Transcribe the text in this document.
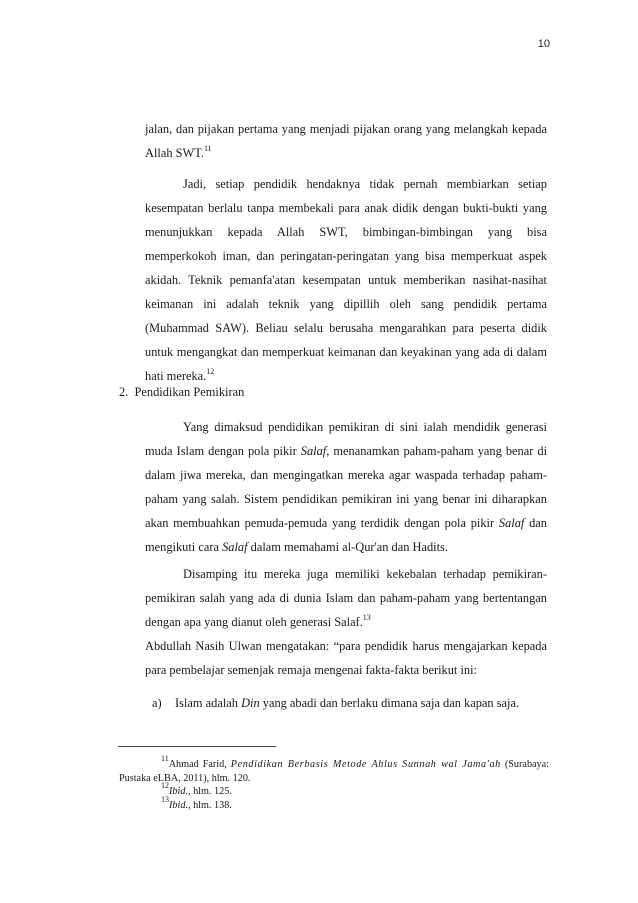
10

jalan, dan pijakan pertama yang menjadi pijakan orang yang melangkah kepada Allah SWT.$^{11}$

Jadi, setiap pendidik hendaknya tidak pernah membiarkan setiap kesempatan berlalu tanpa membekali para anak didik dengan bukti-bukti yang menunjukkan kepada Allah SWT, bimbingan-bimbingan yang bisa memperkokoh iman, dan peringatan-peringatan yang bisa memperkuat aspek akidah. Teknik pemanfa'atan kesempatan untuk memberikan nasihat-nasihat keimanan ini adalah teknik yang dipillih oleh sang pendidik pertama (Muhammad SAW). Beliau selalu berusaha mengarahkan para peserta didik untuk mengangkat dan memperkuat keimanan dan keyakinan yang ada di dalam hati mereka.$^{12}$

2. Pendidikan Pemikiran

Yang dimaksud pendidikan pemikiran di sini ialah mendidik generasi muda Islam dengan pola pikir Salaf, menanamkan paham-paham yang benar di dalam jiwa mereka, dan mengingatkan mereka agar waspada terhadap paham-paham yang salah. Sistem pendidikan pemikiran ini yang benar ini diharapkan akan membuahkan pemuda-pemuda yang terdidik dengan pola pikir Salaf dan mengikuti cara Salaf dalam memahami al-Qur'an dan Hadits.

Disamping itu mereka juga memiliki kekebalan terhadap pemikiran-pemikiran salah yang ada di dunia Islam dan paham-paham yang bertentangan dengan apa yang dianut oleh generasi Salaf.$^{13}$

Abdullah Nasih Ulwan mengatakan: “para pendidik harus mengajarkan kepada para pembelajar semenjak remaja mengenai fakta-fakta berikut ini:

a) Islam adalah Din yang abadi dan berlaku dimana saja dan kapan saja.

$^{11}$Ahmad Farid, Pendidikan Berbasis Metode Ahlus Sunnah wal Jama'ah (Surabaya: Pustaka eLBA, 2011), hlm. 120.

$^{12}$Ibid., hlm. 125.

$^{13}$Ibid., hlm. 138.
